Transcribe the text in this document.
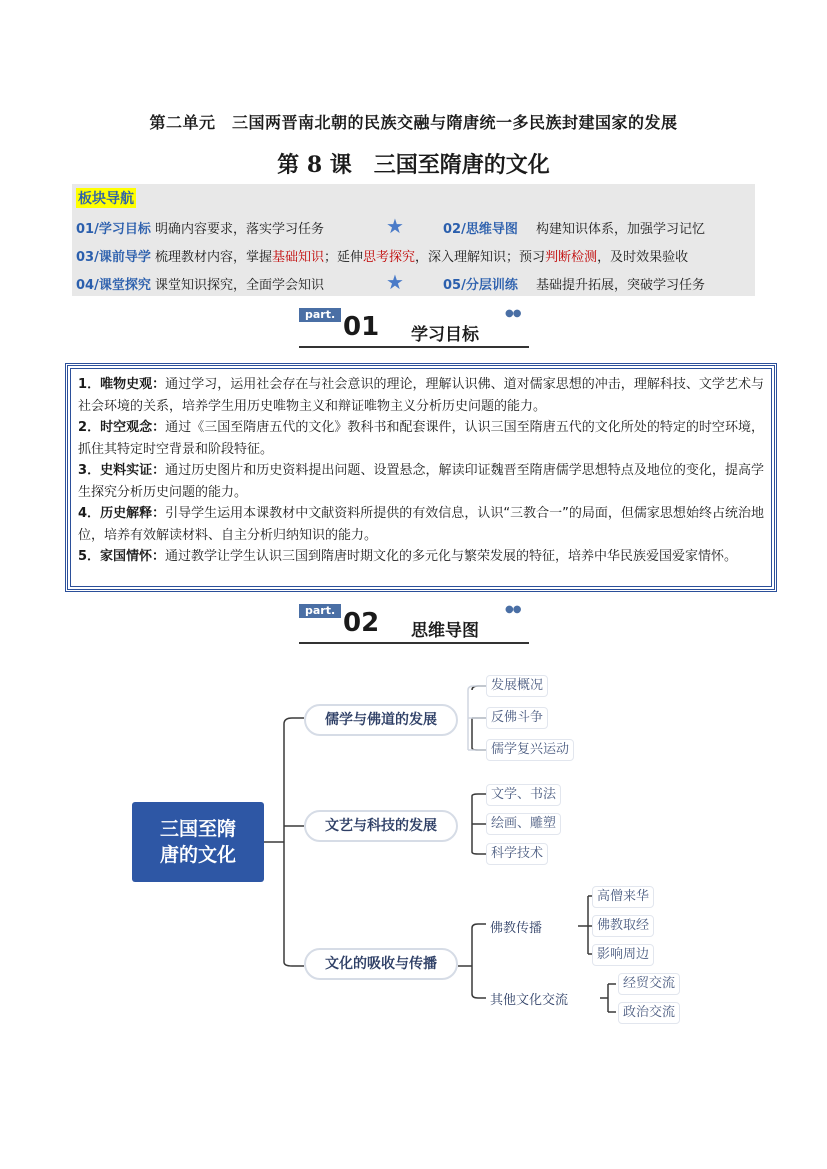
第二单元　三国两晋南北朝的民族交融与隋唐统一多民族封建国家的发展
第 8 课　三国至隋唐的文化
板块导航
01/学习目标 明确内容要求，落实学习任务	★	02/思维导图 构建知识体系，加强学习记忆
03/课前导学 梳理教材内容，掌握基础知识；延伸思考探究，深入理解知识；预习判断检测，及时效果验收
04/课堂探究 课堂知识探究，全面学会知识	★	05/分层训练 基础提升拓展，突破学习任务
part. 01 学习目标
●●

1．唯物史观：通过学习，运用社会存在与社会意识的理论，理解认识佛、道对儒家思想的冲击，理解科技、文学艺术与社会环境的关系，培养学生用历史唯物主义和辩证唯物主义分析历史问题的能力。

2．时空观念：通过《三国至隋唐五代的文化》教科书和配套课件，认识三国至隋唐五代的文化所处的特定的时空环境，抓住其特定时空背景和阶段特征。

3．史料实证：通过历史图片和历史资料提出问题、设置悬念，解读印证魏晋至隋唐儒学思想特点及地位的变化，提高学生探究分析历史问题的能力。

4．历史解释：引导学生运用本课教材中文献资料所提供的有效信息，认识“三教合一”的局面，但儒家思想始终占统治地位，培养有效解读材料、自主分析归纳知识的能力。

5．家国情怀：通过教学让学生认识三国到隋唐时期文化的多元化与繁荣发展的特征，培养中华民族爱国爱家情怀。

part. 02 思维导图
●●
三国至隋
唐的文化
儒学与佛道的发展
发展概况
反佛斗争
儒学复兴运动
文艺与科技的发展
文学、书法
绘画、雕塑
科学技术
文化的吸收与传播
佛教传播
高僧来华
佛教取经
影响周边
其他文化交流
经贸交流
政治交流
